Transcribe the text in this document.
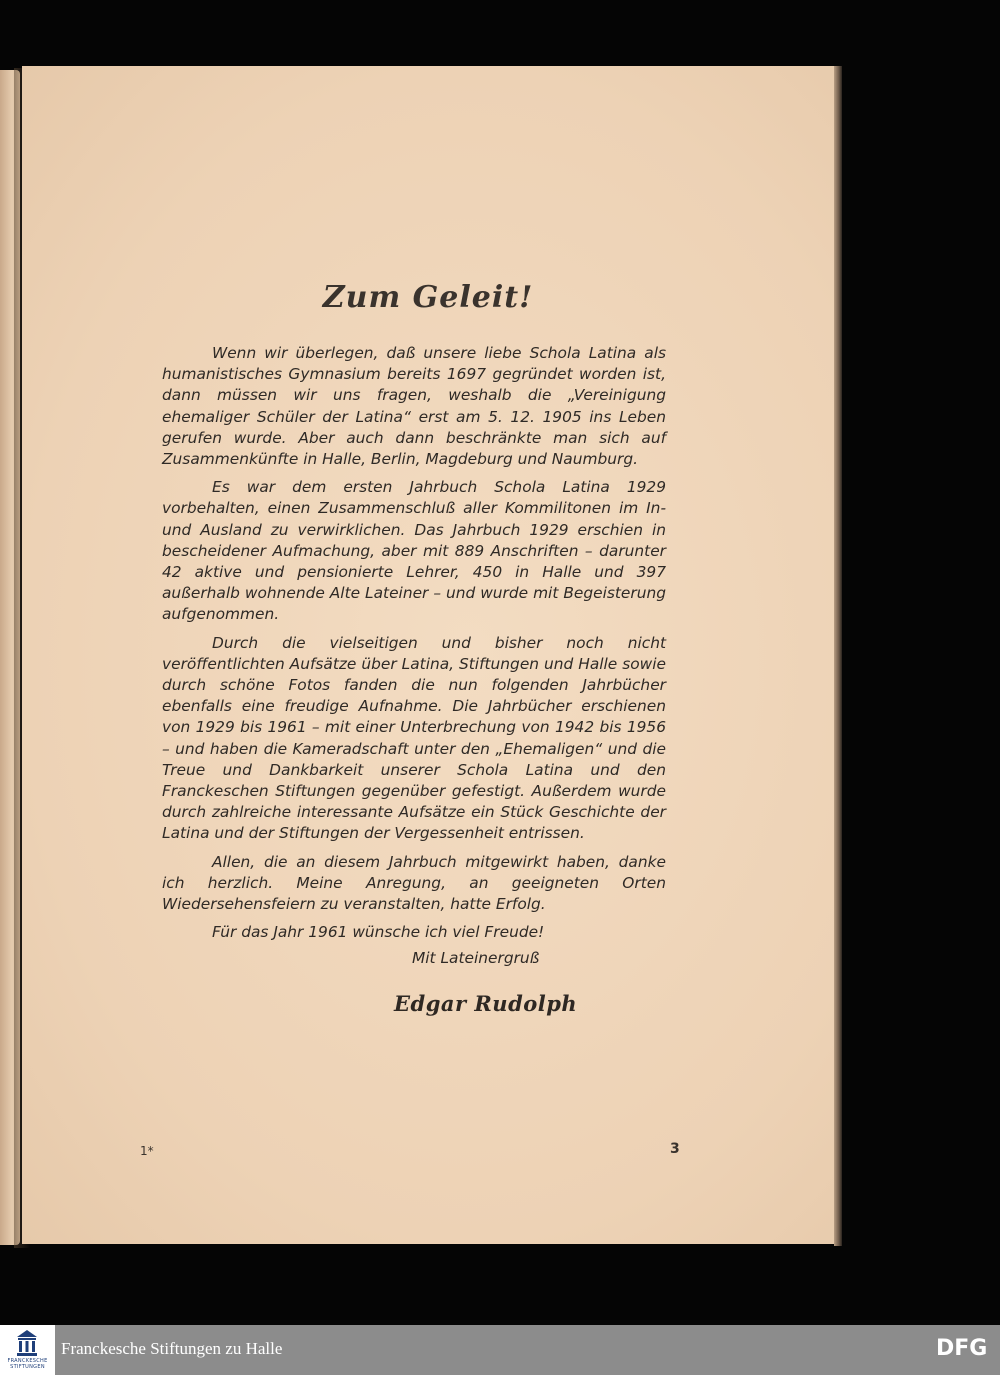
Zum Geleit!

Wenn wir überlegen, daß unsere liebe Schola Latina als humanistisches Gymnasium bereits 1697 gegründet worden ist, dann müssen wir uns fragen, weshalb die „Vereinigung ehemaliger Schüler der Latina“ erst am 5. 12. 1905 ins Leben gerufen wurde. Aber auch dann beschränkte man sich auf Zusammenkünfte in Halle, Berlin, Magdeburg und Naumburg.

Es war dem ersten Jahrbuch Schola Latina 1929 vorbehalten, einen Zusammenschluß aller Kommilitonen im In- und Ausland zu verwirklichen. Das Jahrbuch 1929 erschien in bescheidener Aufmachung, aber mit 889 Anschriften – darunter 42 aktive und pensionierte Lehrer, 450 in Halle und 397 außerhalb wohnende Alte Lateiner – und wurde mit Begeisterung aufgenommen.

Durch die vielseitigen und bisher noch nicht veröffentlichten Aufsätze über Latina, Stiftungen und Halle sowie durch schöne Fotos fanden die nun folgenden Jahrbücher ebenfalls eine freudige Aufnahme. Die Jahrbücher erschienen von 1929 bis 1961 – mit einer Unterbrechung von 1942 bis 1956 – und haben die Kameradschaft unter den „Ehemaligen“ und die Treue und Dankbarkeit unserer Schola Latina und den Franckeschen Stiftungen gegenüber gefestigt. Außerdem wurde durch zahlreiche interessante Aufsätze ein Stück Geschichte der Latina und der Stiftungen der Vergessenheit entrissen.

Allen, die an diesem Jahrbuch mitgewirkt haben, danke ich herzlich. Meine Anregung, an geeigneten Orten Wiedersehensfeiern zu veranstalten, hatte Erfolg.

Für das Jahr 1961 wünsche ich viel Freude!

Mit Lateinergruß
Edgar Rudolph
1*	3
FRANCKESCHE
STIFTUNGEN
Franckesche Stiftungen zu Halle	DFG
